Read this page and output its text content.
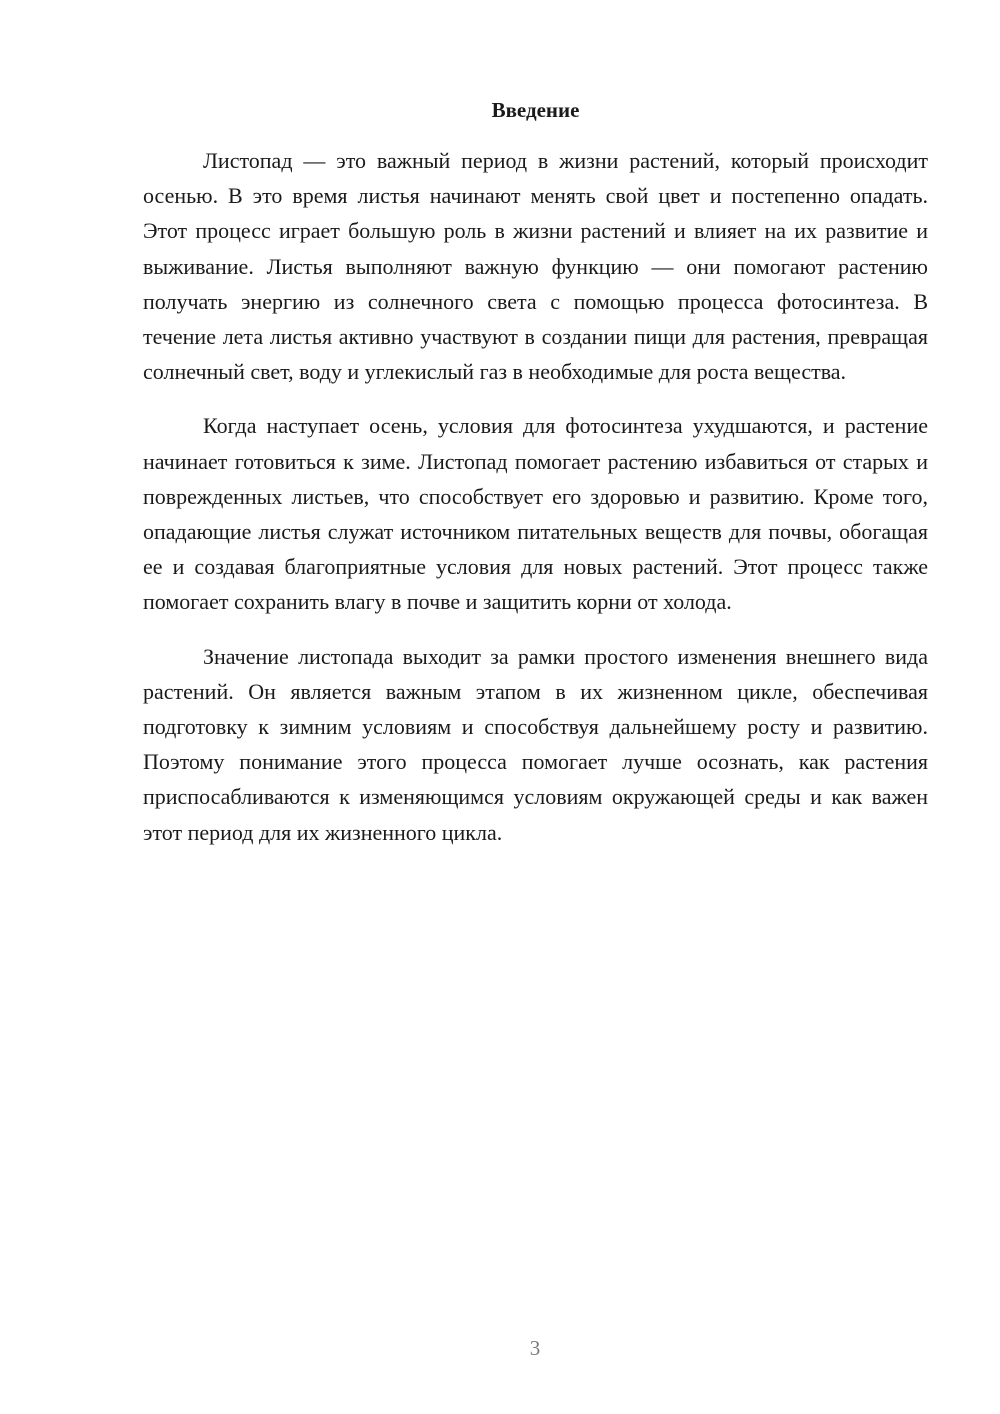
Введение

Листопад — это важный период в жизни растений, который происходит осенью. В это время листья начинают менять свой цвет и постепенно опадать. Этот процесс играет большую роль в жизни растений и влияет на их развитие и выживание. Листья выполняют важную функцию — они помогают растению получать энергию из солнечного света с помощью процесса фотосинтеза. В течение лета листья активно участвуют в создании пищи для растения, превращая солнечный свет, воду и углекислый газ в необходимые для роста вещества.

Когда наступает осень, условия для фотосинтеза ухудшаются, и растение начинает готовиться к зиме. Листопад помогает растению избавиться от старых и поврежденных листьев, что способствует его здоровью и развитию. Кроме того, опадающие листья служат источником питательных веществ для почвы, обогащая ее и создавая благоприятные условия для новых растений. Этот процесс также помогает сохранить влагу в почве и защитить корни от холода.

Значение листопада выходит за рамки простого изменения внешнего вида растений. Он является важным этапом в их жизненном цикле, обеспечивая подготовку к зимним условиям и способствуя дальнейшему росту и развитию. Поэтому понимание этого процесса помогает лучше осознать, как растения приспосабливаются к изменяющимся условиям окружающей среды и как важен этот период для их жизненного цикла.

3
